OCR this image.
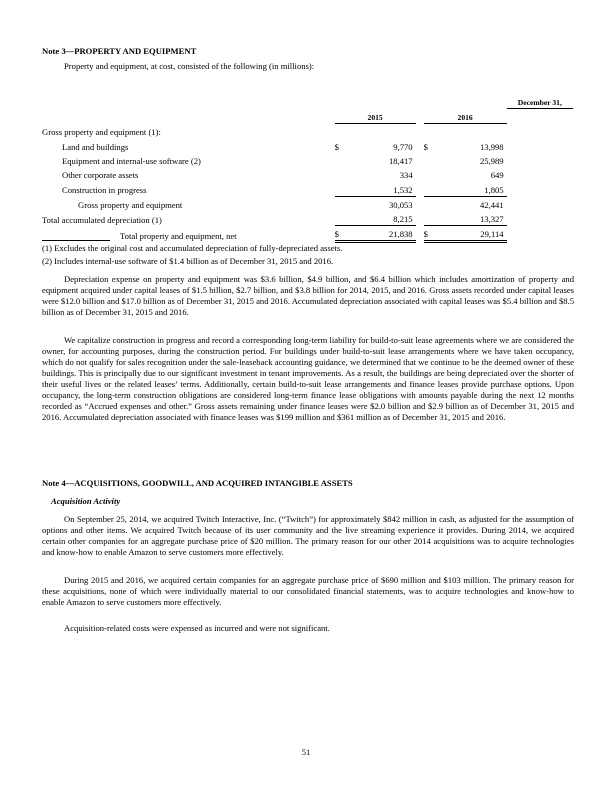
Note 3—PROPERTY AND EQUIPMENT
Property and equipment, at cost, consisted of the following (in millions):
						December 31,
	2015			2016		
Gross property and equipment (1):						
Land and buildings	$	9,770		$	13,998	
Equipment and internal-use software (2)		18,417			25,989	
Other corporate assets		334			649	
Construction in progress		1,532			1,805	
Gross property and equipment		30,053			42,441	
Total accumulated depreciation (1)		8,215			13,327	
Total property and equipment, net	$	21,838		$	29,114	
(1) Excludes the original cost and accumulated depreciation of fully-depreciated assets.
(2) Includes internal-use software of $1.4 billion as of December 31, 2015 and 2016.
Depreciation expense on property and equipment was $3.6 billion, $4.9 billion, and $6.4 billion which includes amortization of property and equipment acquired under capital leases of $1.5 billion, $2.7 billion, and $3.8 billion for 2014, 2015, and 2016. Gross assets recorded under capital leases were $12.0 billion and $17.0 billion as of December 31, 2015 and 2016. Accumulated depreciation associated with capital leases was $5.4 billion and $8.5 billion as of December 31, 2015 and 2016.
We capitalize construction in progress and record a corresponding long-term liability for build-to-suit lease agreements where we are considered the owner, for accounting purposes, during the construction period. For buildings under build-to-suit lease arrangements where we have taken occupancy, which do not qualify for sales recognition under the sale-leaseback accounting guidance, we determined that we continue to be the deemed owner of these buildings. This is principally due to our significant investment in tenant improvements. As a result, the buildings are being depreciated over the shorter of their useful lives or the related leases’ terms. Additionally, certain build-to-suit lease arrangements and finance leases provide purchase options. Upon occupancy, the long-term construction obligations are considered long-term finance lease obligations with amounts payable during the next 12 months recorded as “Accrued expenses and other.” Gross assets remaining under finance leases were $2.0 billion and $2.9 billion as of December 31, 2015 and 2016. Accumulated depreciation associated with finance leases was $199 million and $361 million as of December 31, 2015 and 2016.
Note 4—ACQUISITIONS, GOODWILL, AND ACQUIRED INTANGIBLE ASSETS
Acquisition Activity
On September 25, 2014, we acquired Twitch Interactive, Inc. (“Twitch”) for approximately $842 million in cash, as adjusted for the assumption of options and other items. We acquired Twitch because of its user community and the live streaming experience it provides. During 2014, we acquired certain other companies for an aggregate purchase price of $20 million. The primary reason for our other 2014 acquisitions was to acquire technologies and know-how to enable Amazon to serve customers more effectively.
During 2015 and 2016, we acquired certain companies for an aggregate purchase price of $690 million and $103 million. The primary reason for these acquisitions, none of which were individually material to our consolidated financial statements, was to acquire technologies and know-how to enable Amazon to serve customers more effectively.
Acquisition-related costs were expensed as incurred and were not significant.
51
